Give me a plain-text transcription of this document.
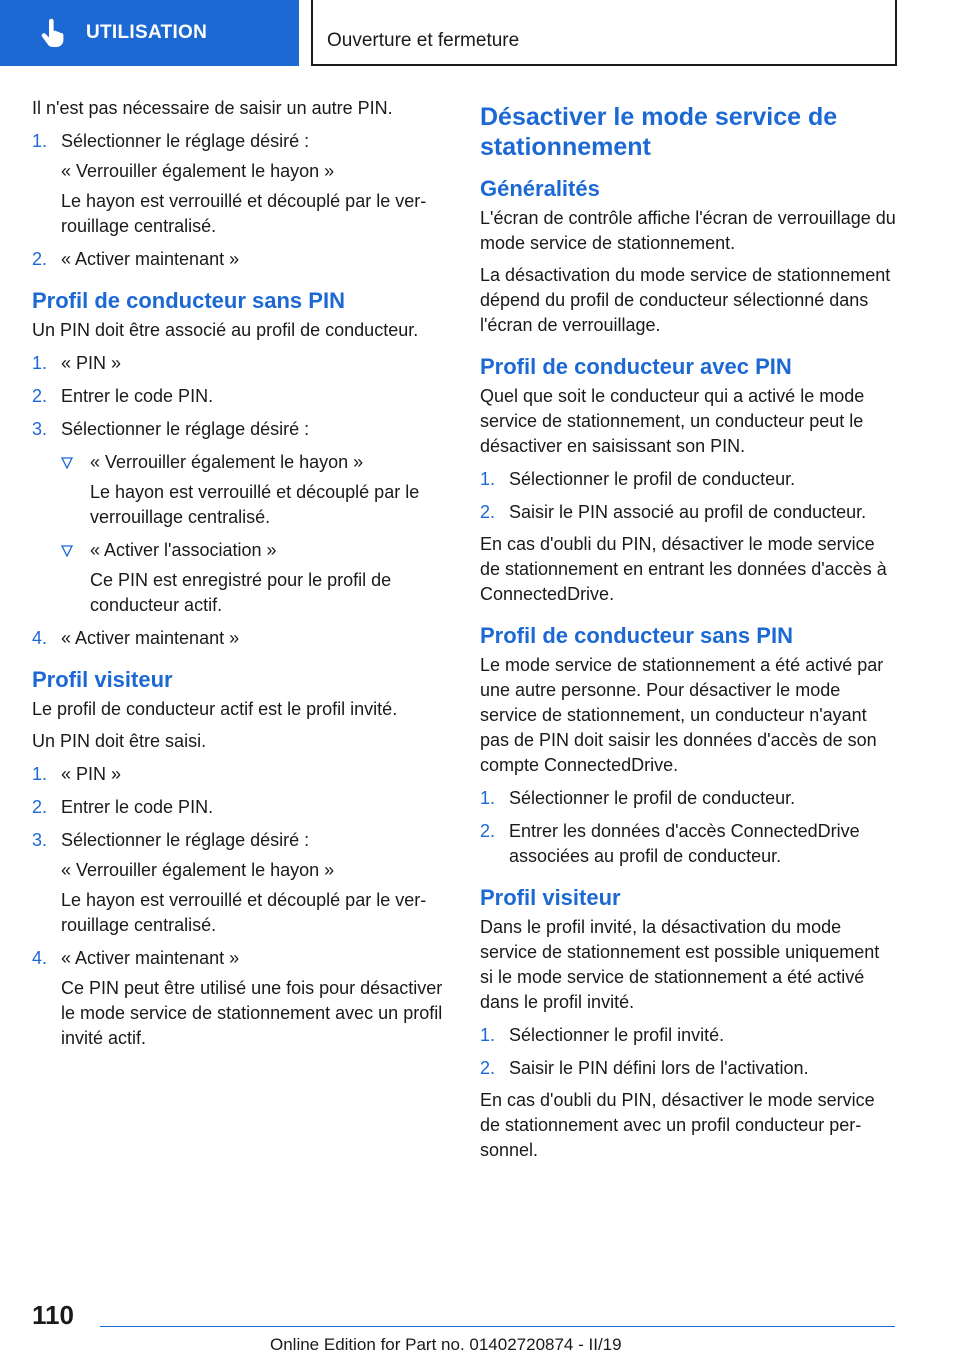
UTILISATION	Ouverture et fermeture

Il n'est pas nécessaire de saisir un autre PIN.

1. Sélectionner le réglage désiré :
« Verrouiller également le hayon »
Le hayon est verrouillé et découplé par le verrouillage centralisé.
2. « Activer maintenant »
Profil de conducteur sans PIN

Un PIN doit être associé au profil de conducteur.

1. « PIN »
2. Entrer le code PIN.
3. Sélectionner le réglage désiré :
« Verrouiller également le hayon »
Le hayon est verrouillé et découplé par le verrouillage centralisé.
« Activer l'association »
Ce PIN est enregistré pour le profil de conducteur actif.
4. « Activer maintenant »
Profil visiteur

Le profil de conducteur actif est le profil invité.

Un PIN doit être saisi.

1. « PIN »
2. Entrer le code PIN.
3. Sélectionner le réglage désiré :
« Verrouiller également le hayon »
Le hayon est verrouillé et découplé par le verrouillage centralisé.
4. « Activer maintenant »
Ce PIN peut être utilisé une fois pour désactiver le mode service de stationnement avec un profil invité actif.
Désactiver le mode service de stationnement
Généralités

L'écran de contrôle affiche l'écran de verrouillage du mode service de stationnement.

La désactivation du mode service de stationnement dépend du profil de conducteur sélectionné dans l'écran de verrouillage.

Profil de conducteur avec PIN

Quel que soit le conducteur qui a activé le mode service de stationnement, un conducteur peut le désactiver en saisissant son PIN.

1. Sélectionner le profil de conducteur.
2. Saisir le PIN associé au profil de conducteur.

En cas d'oubli du PIN, désactiver le mode service de stationnement en entrant les données d'accès à ConnectedDrive.

Profil de conducteur sans PIN

Le mode service de stationnement a été activé par une autre personne. Pour désactiver le mode service de stationnement, un conducteur n'ayant pas de PIN doit saisir les données d'accès de son compte ConnectedDrive.

1. Sélectionner le profil de conducteur.
2. Entrer les données d'accès ConnectedDrive associées au profil de conducteur.
Profil visiteur

Dans le profil invité, la désactivation du mode service de stationnement est possible uniquement si le mode service de stationnement a été activé dans le profil invité.

1. Sélectionner le profil invité.
2. Saisir le PIN défini lors de l'activation.

En cas d'oubli du PIN, désactiver le mode service de stationnement avec un profil conducteur personnel.

110
Online Edition for Part no. 01402720874 - II/19
